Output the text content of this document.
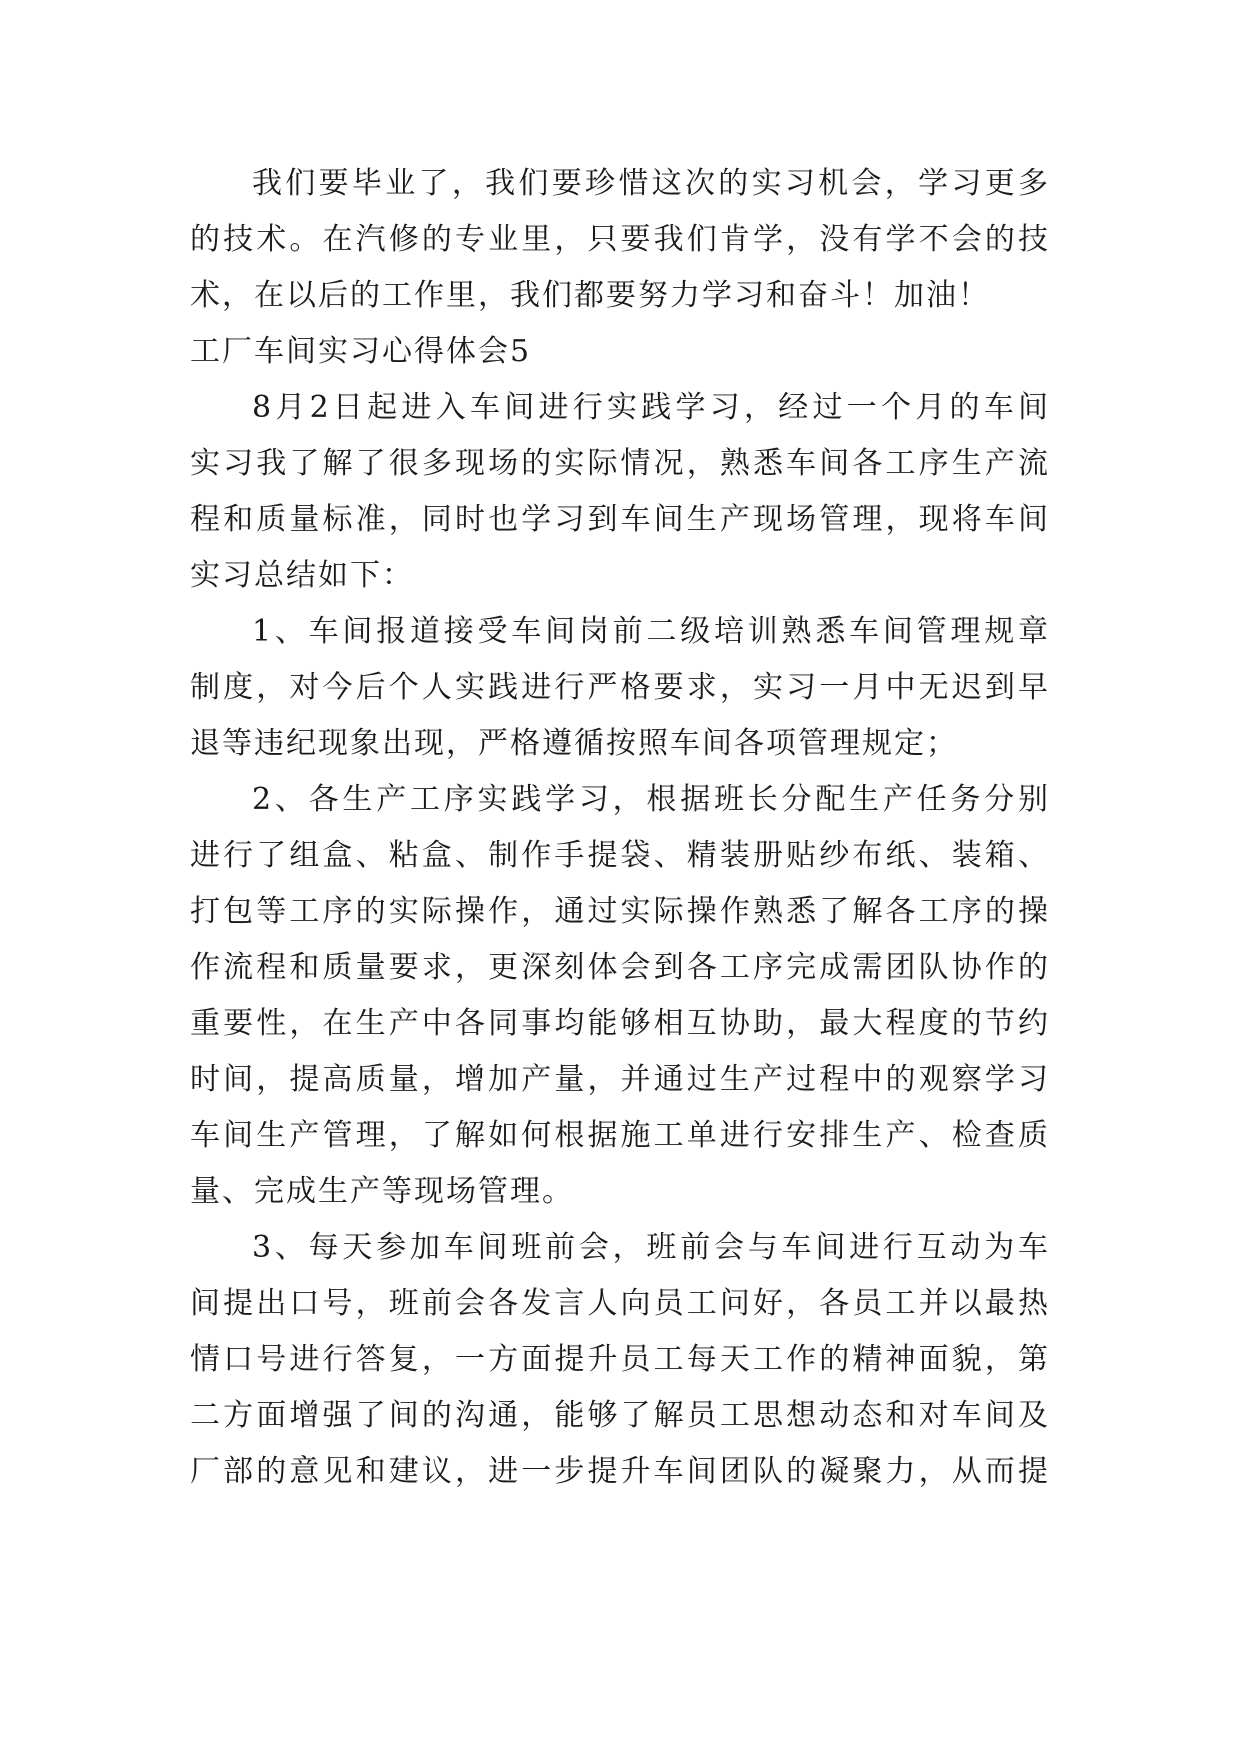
我们要毕业了，我们要珍惜这次的实习机会，学习更多
的技术。在汽修的专业里，只要我们肯学，没有学不会的技
术，在以后的工作里，我们都要努力学习和奋斗！加油！
工厂车间实习心得体会5
8月2日起进入车间进行实践学习，经过一个月的车间
实习我了解了很多现场的实际情况，熟悉车间各工序生产流
程和质量标准，同时也学习到车间生产现场管理，现将车间
实习总结如下：
1、车间报道接受车间岗前二级培训熟悉车间管理规章
制度，对今后个人实践进行严格要求，实习一月中无迟到早
退等违纪现象出现，严格遵循按照车间各项管理规定；
2、各生产工序实践学习，根据班长分配生产任务分别
进行了组盒、粘盒、制作手提袋、精装册贴纱布纸、装箱、
打包等工序的实际操作，通过实际操作熟悉了解各工序的操
作流程和质量要求，更深刻体会到各工序完成需团队协作的
重要性，在生产中各同事均能够相互协助，最大程度的节约
时间，提高质量，增加产量，并通过生产过程中的观察学习
车间生产管理，了解如何根据施工单进行安排生产、检查质
量、完成生产等现场管理。
3、每天参加车间班前会，班前会与车间进行互动为车
间提出口号，班前会各发言人向员工问好，各员工并以最热
情口号进行答复，一方面提升员工每天工作的精神面貌，第
二方面增强了间的沟通，能够了解员工思想动态和对车间及
厂部的意见和建议，进一步提升车间团队的凝聚力，从而提
